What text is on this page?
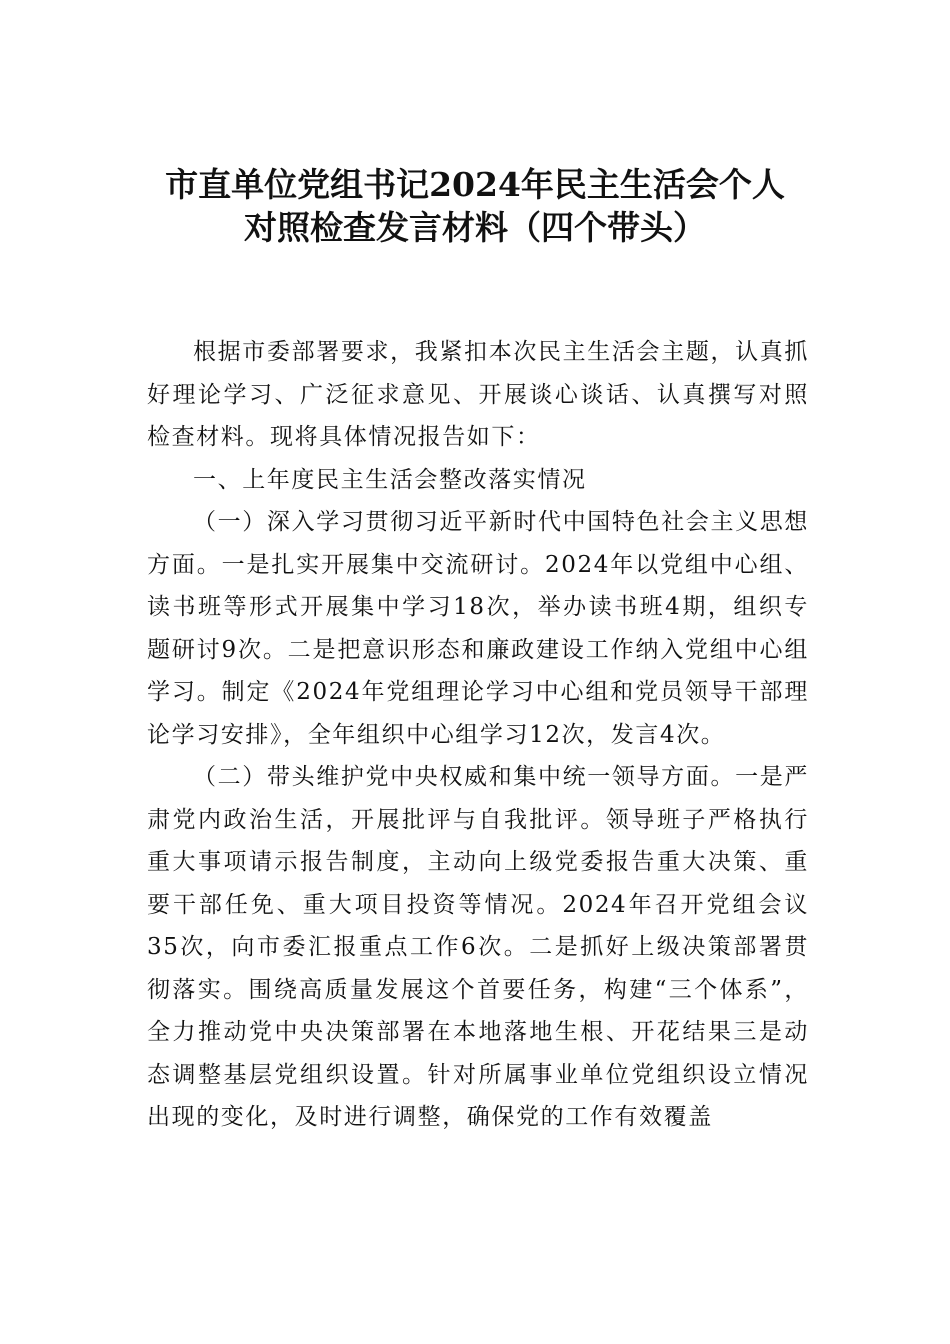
市直单位党组书记2024年民主生活会个人
对照检查发言材料（四个带头）

根据市委部署要求，我紧扣本次民主生活会主题，认真抓好理论学习、广泛征求意见、开展谈心谈话、认真撰写对照检查材料。现将具体情况报告如下：

一、上年度民主生活会整改落实情况

（一）深入学习贯彻习近平新时代中国特色社会主义思想方面。一是扎实开展集中交流研讨。2024年以党组中心组、读书班等形式开展集中学习18次，举办读书班4期，组织专题研讨9次。二是把意识形态和廉政建设工作纳入党组中心组学习。制定《2024年党组理论学习中心组和党员领导干部理论学习安排》，全年组织中心组学习12次，发言4次。

（二）带头维护党中央权威和集中统一领导方面。一是严肃党内政治生活，开展批评与自我批评。领导班子严格执行重大事项请示报告制度，主动向上级党委报告重大决策、重要干部任免、重大项目投资等情况。2024年召开党组会议35次，向市委汇报重点工作6次。二是抓好上级决策部署贯彻落实。围绕高质量发展这个首要任务，构建“三个体系”，全力推动党中央决策部署在本地落地生根、开花结果三是动态调整基层党组织设置。针对所属事业单位党组织设立情况出现的变化，及时进行调整，确保党的工作有效覆盖
